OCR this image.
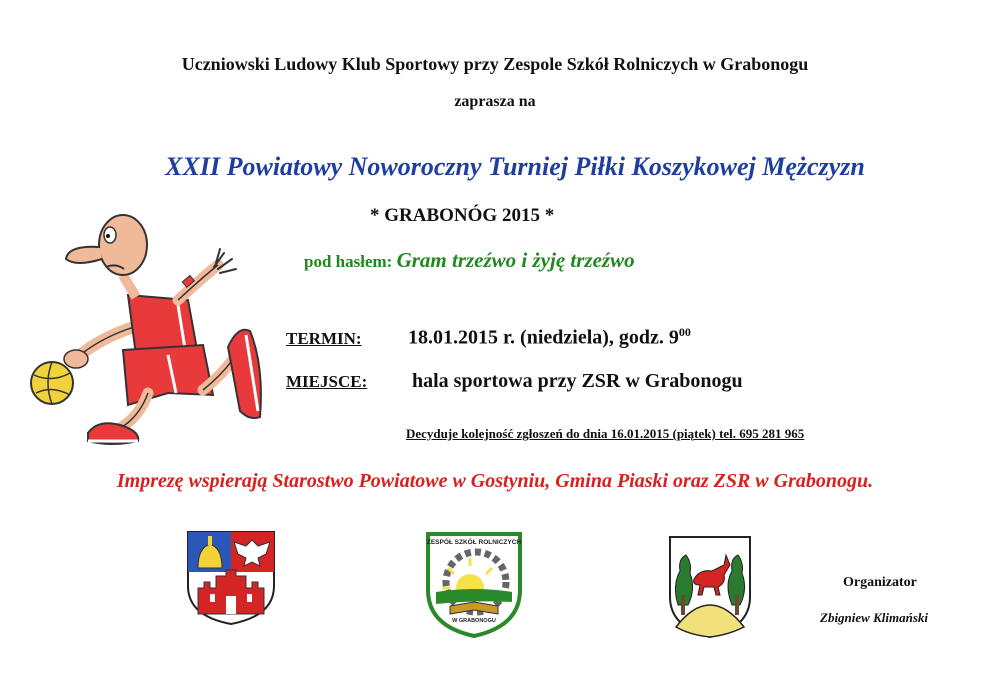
Uczniowski Ludowy Klub Sportowy przy Zespole Szkół Rolniczych w Grabonogu
zaprasza na
XXII Powiatowy Noworoczny Turniej Piłki Koszykowej Mężczyzn
* GRABONÓG 2015 *
pod hasłem: Gram trzeźwo i żyję trzeźwo
TERMIN: 18.01.2015 r. (niedziela), godz. $9^{00}$
MIEJSCE: hala sportowa przy ZSR w Grabonogu
Decyduje kolejność zgłoszeń do dnia 16.01.2015 (piątek) tel. 695 281 965
Imprezę wspierają Starostwo Powiatowe w Gostyniu, Gmina Piaski oraz ZSR w Grabonogu.
ZESPÓŁ SZKÓŁ ROLNICZYCH
W GRABONOGU
Organizator
Zbigniew Klimański
